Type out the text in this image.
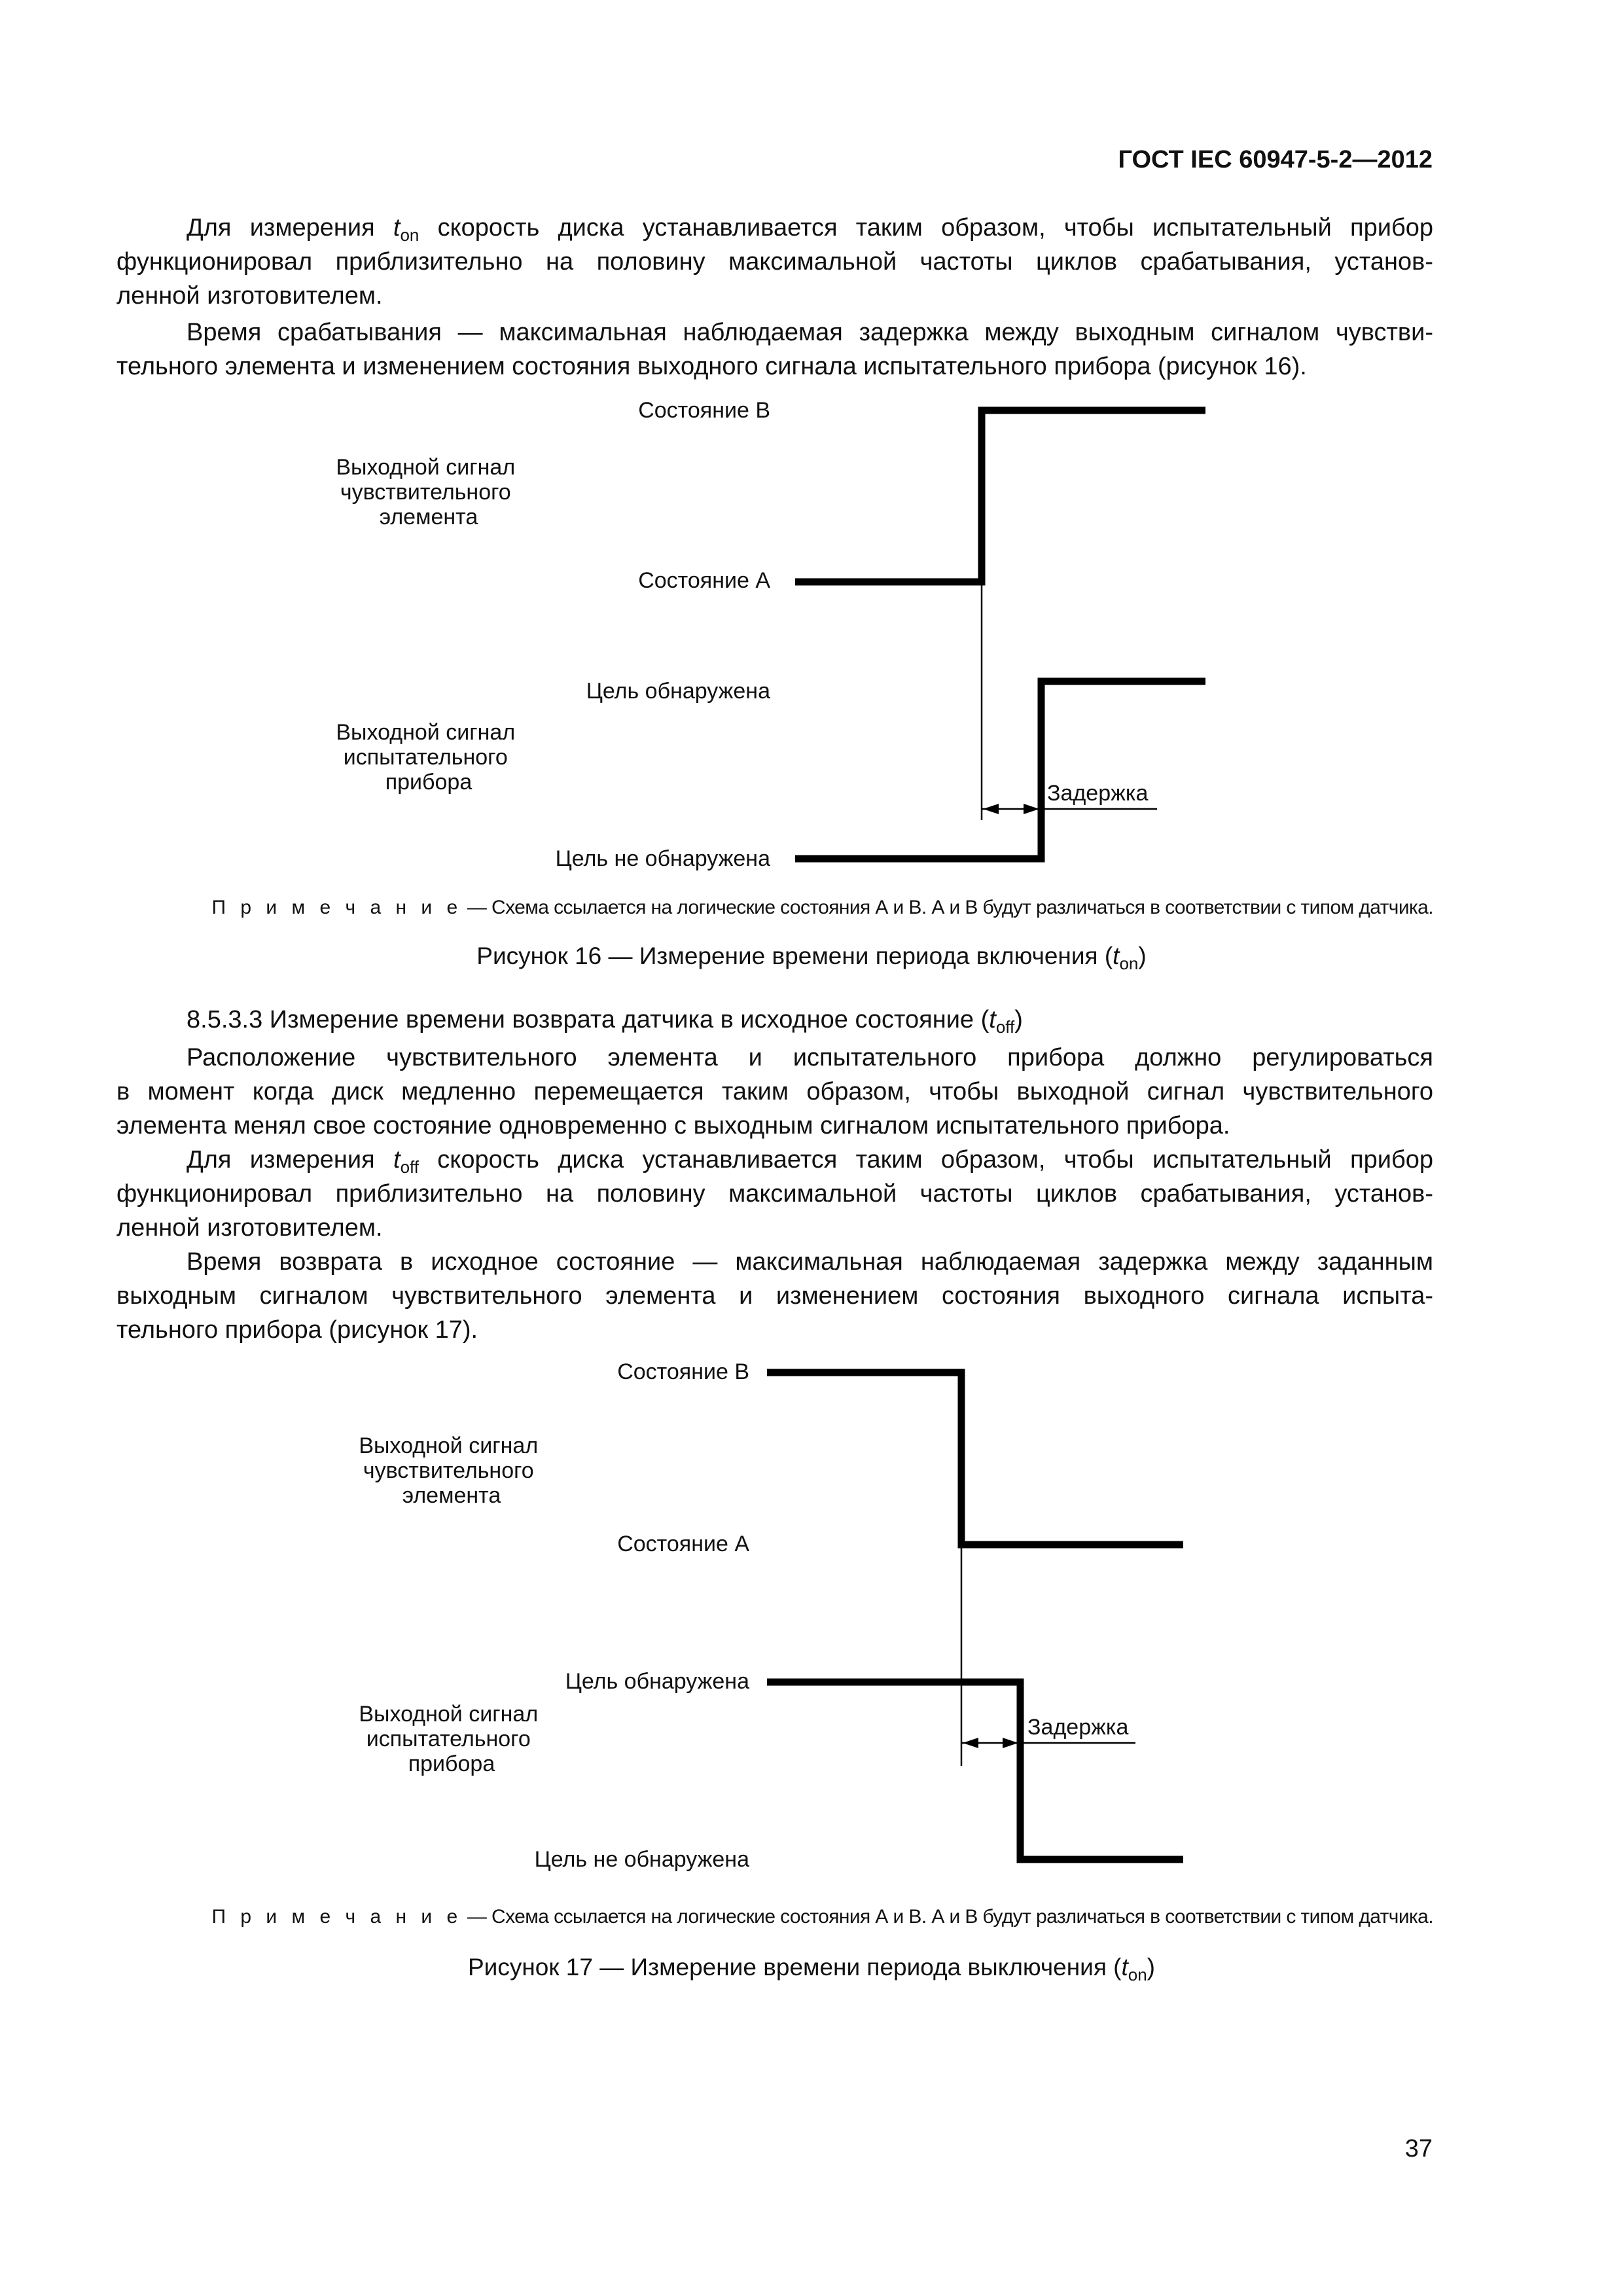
ГОСТ IEC 60947-5-2—2012

Для измерения $t_{on}$ скорость диска устанавливается таким образом, чтобы испытательный прибор
функционировал приблизительно на половину максимальной частоты циклов срабатывания, установ-
ленной изготовителем.

Время срабатывания — максимальная наблюдаемая задержка между выходным сигналом чувстви-
тельного элемента и изменением состояния выходного сигнала испытательного прибора (рисунок 16).

Состояние В
Выходной сигнал чувствительного элемента
Состояние А
Цель обнаружена
Выходной сигнал испытательного прибора
Цель не обнаружена
Задержка

П р и м е ч а н и е — Схема ссылается на логические состояния А и В. А и В будут различаться в соответствии с типом датчика.

Рисунок 16 — Измерение времени периода включения $(t_{on})$

8.5.3.3 Измерение времени возврата датчика в исходное состояние $(t_{off})$

Расположение чувствительного элемента и испытательного прибора должно регулироваться
в момент когда диск медленно перемещается таким образом, чтобы выходной сигнал чувствительного
элемента менял свое состояние одновременно с выходным сигналом испытательного прибора.

Для измерения $t_{off}$ скорость диска устанавливается таким образом, чтобы испытательный прибор
функционировал приблизительно на половину максимальной частоты циклов срабатывания, установ-
ленной изготовителем.

Время возврата в исходное состояние — максимальная наблюдаемая задержка между заданным
выходным сигналом чувствительного элемента и изменением состояния выходного сигнала испыта-
тельного прибора (рисунок 17).

Состояние В
Выходной сигнал чувствительного элемента
Состояние А
Цель обнаружена
Выходной сигнал испытательного прибора
Цель не обнаружена
Задержка

П р и м е ч а н и е — Схема ссылается на логические состояния А и В. А и В будут различаться в соответствии с типом датчика.

Рисунок 17 — Измерение времени периода выключения $(t_{on})$

37
